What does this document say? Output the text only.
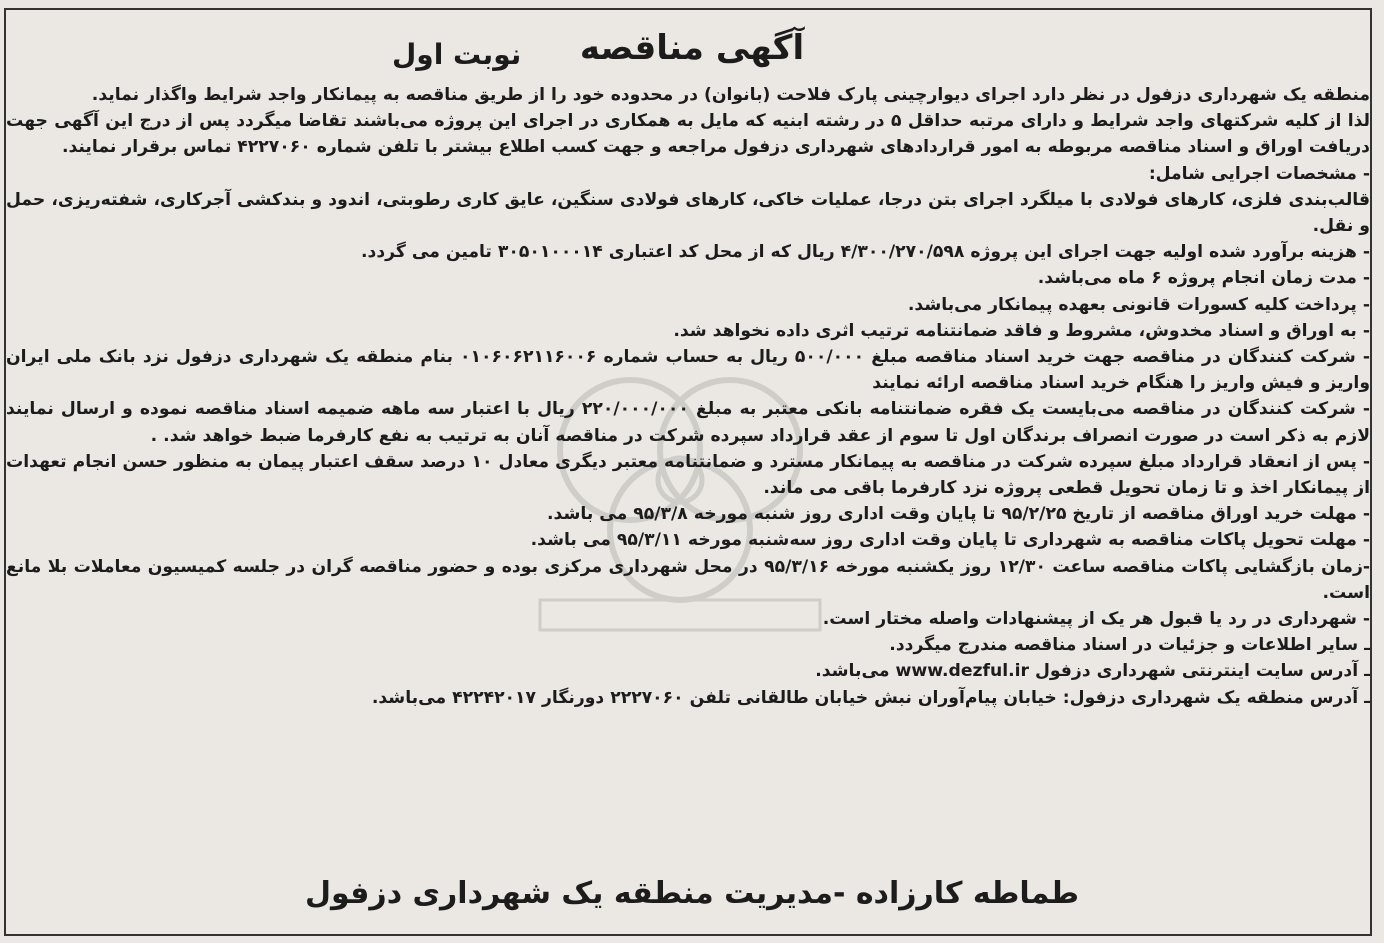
آگهی مناقصه
نوبت اول

منطقه یک شهرداری دزفول در نظر دارد اجرای دیوارچینی پارک فلاحت (بانوان) در محدوده خود را از طریق مناقصه به پیمانکار واجد شرایط واگذار نماید.

لذا از کلیه شرکتهای واجد شرایط و دارای مرتبه حداقل ۵ در رشته ابنیه که مایل به همکاری در اجرای این پروژه می‌باشند تقاضا میگردد پس از درج این آگهی جهت دریافت اوراق و اسناد مناقصه مربوطه به امور قراردادهای شهرداری دزفول مراجعه و جهت کسب اطلاع بیشتر با تلفن شماره ۴۲۲۷۰۶۰ تماس برقرار نمایند.

- مشخصات اجرایی شامل:

قالب‌بندی فلزی، کارهای فولادی با میلگرد اجرای بتن درجا، عملیات خاکی، کارهای فولادی سنگین، عایق کاری رطوبتی، اندود و بندکشی آجرکاری، شفته‌ریزی، حمل و نقل.

- هزینه برآورد شده اولیه جهت اجرای این پروژه ۴/۳۰۰/۲۷۰/۵۹۸ ریال که از محل کد اعتباری ۳۰۵۰۱۰۰۰۱۴ تامین می گردد.

- مدت زمان انجام پروژه ۶ ماه می‌باشد.

- پرداخت کلیه کسورات قانونی بعهده پیمانکار می‌باشد.

- به اوراق و اسناد مخدوش، مشروط و فاقد ضمانتنامه ترتیب اثری داده نخواهد شد.

- شرکت کنندگان در مناقصه جهت خرید اسناد مناقصه مبلغ ۵۰۰/۰۰۰ ریال به حساب شماره ۰۱۰۶۰۶۲۱۱۶۰۰۶ بنام منطقه یک شهرداری دزفول نزد بانک ملی ایران واریز و فیش واریز را هنگام خرید اسناد مناقصه ارائه نمایند

- شرکت کنندگان در مناقصه می‌بایست یک فقره ضمانتنامه بانکی معتبر به مبلغ ۲۲۰/۰۰۰/۰۰۰ ریال با اعتبار سه ماهه ضمیمه اسناد مناقصه نموده و ارسال نمایند لازم به ذکر است در صورت انصراف برندگان اول تا سوم از عقد قرارداد سپرده شرکت در مناقصه آنان به ترتیب به نفع کارفرما ضبط خواهد شد. .

- پس از انعقاد قرارداد مبلغ سپرده شرکت در مناقصه به پیمانکار مسترد و ضمانتنامه معتبر دیگری معادل ۱۰ درصد سقف اعتبار پیمان به منظور حسن انجام تعهدات از پیمانکار اخذ و تا زمان تحویل قطعی پروژه نزد کارفرما باقی می ماند.

- مهلت خرید اوراق مناقصه از تاریخ ۹۵/۲/۲۵ تا پایان وقت اداری روز شنبه مورخه ۹۵/۳/۸ می باشد.

- مهلت تحویل پاکات مناقصه به شهرداری تا پایان وقت اداری روز سه‌شنبه مورخه ۹۵/۳/۱۱ می باشد.

-زمان بازگشایی پاکات مناقصه ساعت ۱۲/۳۰ روز یکشنبه مورخه ۹۵/۳/۱۶ در محل شهرداری مرکزی بوده و حضور مناقصه گران در جلسه کمیسیون معاملات بلا مانع است.

- شهرداری در رد یا قبول هر یک از پیشنهادات واصله مختار است.

ـ سایر اطلاعات و جزئیات در اسناد مناقصه مندرج میگردد.

ـ آدرس سایت اینترنتی شهرداری دزفول www.dezful.ir می‌باشد.

ـ آدرس منطقه یک شهرداری دزفول: خیابان پیام‌آوران نبش خیابان طالقانی تلفن ۲۲۲۷۰۶۰ دورنگار ۴۲۲۴۲۰۱۷ می‌باشد.

طماطه کارزاده -مدیریت منطقه یک شهرداری دزفول
